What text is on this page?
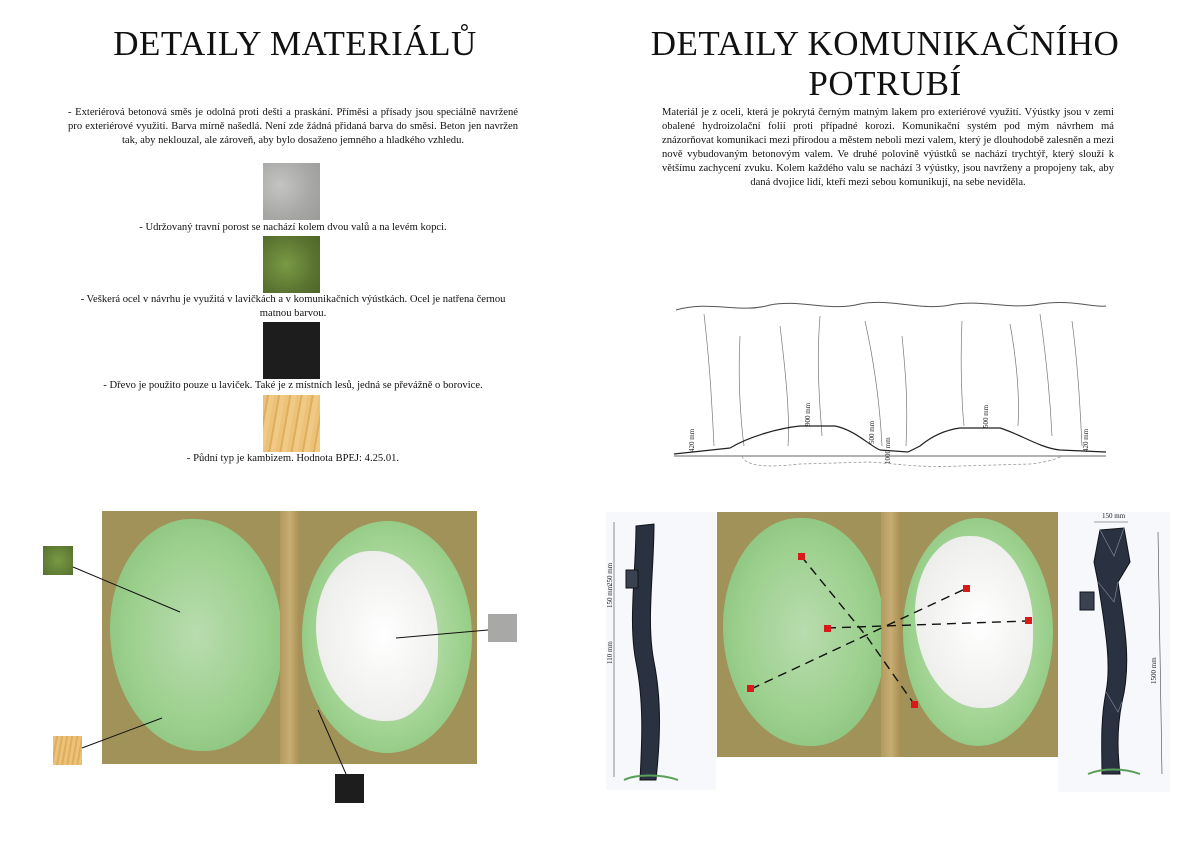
DETAILY MATERIÁLŮ	DETAILY KOMUNIKAČNÍHO
POTRUBÍ

- Exteriérová betonová směs je odolná proti dešti a praskání. Příměsi a přísady jsou speciálně navržené pro exteriérové využití. Barva mírně našedlá. Není zde žádná přidaná barva do směsi. Beton jen navržen tak, aby neklouzal, ale zároveň, aby bylo dosaženo jemného a hladkého vzhledu.

- Udržovaný travní porost se nachází kolem dvou valů a na levém kopci.

- Veškerá ocel v návrhu je využitá v lavičkách a v komunikačních výústkách. Ocel je natřena černou matnou barvou.

- Dřevo je použito pouze u laviček. Také je z místních lesů, jedná se převážně o borovice.

- Půdní typ je kambizem. Hodnota BPEJ: 4.25.01.

Materiál je z oceli, která je pokrytá černým matným lakem pro exteriérové využití. Výústky jsou v zemi obalené hydroizolační folií proti případné korozi. Komunikační systém pod mým návrhem má znázorňovat komunikaci mezi přírodou a městem neboli mezi valem, který je dlouhodobě zalesněn a mezi nově vybudovaným betonovým valem. Ve druhé polovině výústků se nachází trychtýř, který slouží k většímu zachycení zvuku. Kolem každého valu se nachází 3 výústky, jsou navrženy a propojeny tak, aby daná dvojice lidí, kteří mezi sebou komunikují, na sebe neviděla.

420 mm
900 mm
500 mm
1000 mm
500 mm
420 mm
250 mm
150 mm
110 mm
150 mm
1500 mm
